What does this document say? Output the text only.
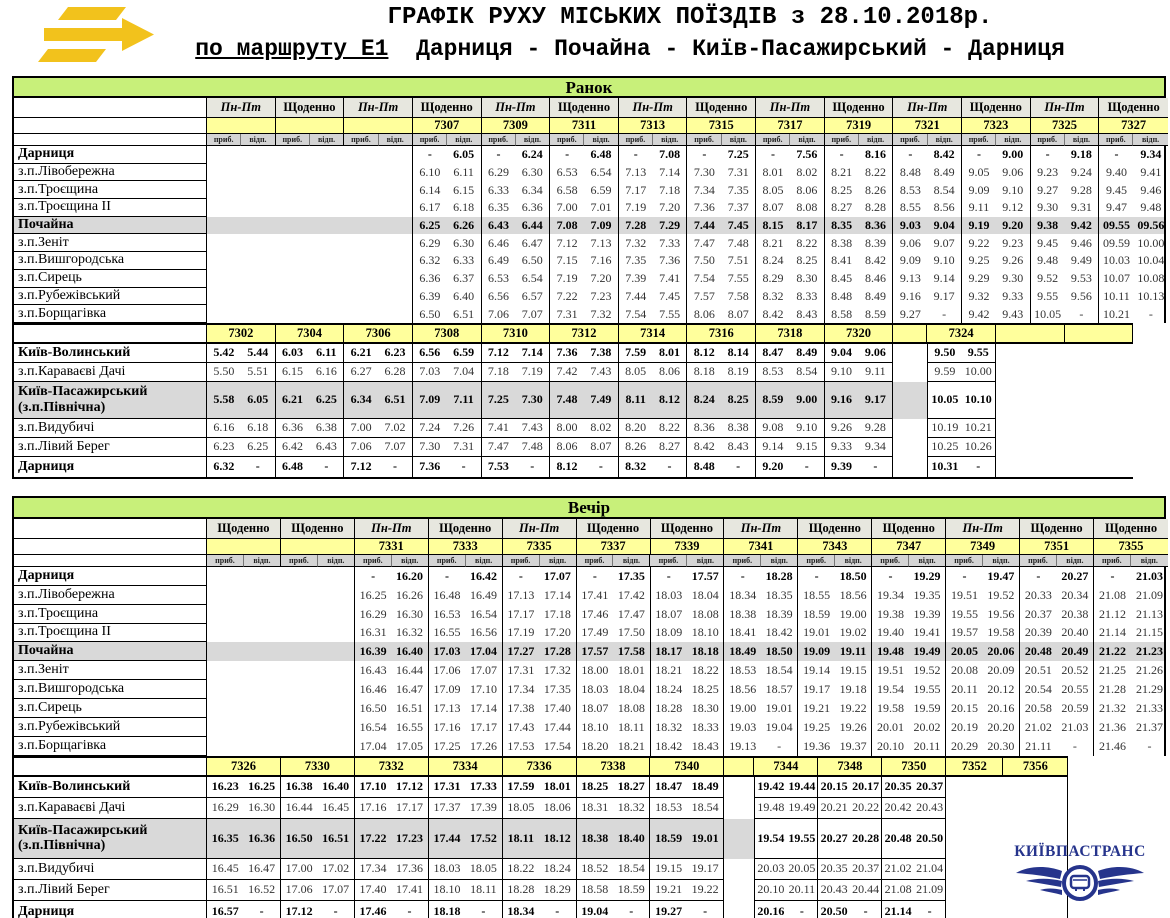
ГРАФІК РУХУ МІСЬКИХ ПОЇЗДІВ з 28.10.2018р.
по маршруту Е1 Дарниця - Почайна - Київ-Пасажирський - Дарниця
Ранок
Пн-Пт	Щоденно	Пн-Пт	Щоденно	Пн-Пт	Щоденно	Пн-Пт	Щоденно	Пн-Пт	Щоденно	Пн-Пт	Щоденно	Пн-Пт	Щоденно
7307	7309	7311	7313	7315	7317	7319	7321	7323	7325	7327
приб.	відп.	приб.	відп.	приб.	відп.	приб.	відп.	приб.	відп.	приб.	відп.	приб.	відп.	приб.	відп.	приб.	відп.	приб.	відп.	приб.	відп.	приб.	відп.	приб.	відп.	приб.	відп.
Дарниця	-	6.05	-	6.24	-	6.48	-	7.08	-	7.25	-	7.56	-	8.16	-	8.42	-	9.00	-	9.18	-	9.34
з.п.Лівобережна	6.10	6.11	6.29	6.30	6.53	6.54	7.13	7.14	7.30	7.31	8.01	8.02	8.21	8.22	8.48	8.49	9.05	9.06	9.23	9.24	9.40	9.41
з.п.Троєщина	6.14	6.15	6.33	6.34	6.58	6.59	7.17	7.18	7.34	7.35	8.05	8.06	8.25	8.26	8.53	8.54	9.09	9.10	9.27	9.28	9.45	9.46
з.п.Троєщина II	6.17	6.18	6.35	6.36	7.00	7.01	7.19	7.20	7.36	7.37	8.07	8.08	8.27	8.28	8.55	8.56	9.11	9.12	9.30	9.31	9.47	9.48
Почайна	6.25	6.26	6.43	6.44	7.08	7.09	7.28	7.29	7.44	7.45	8.15	8.17	8.35	8.36	9.03	9.04	9.19	9.20	9.38	9.42 09.55 09.56
з.п.Зеніт	6.29	6.30	6.46	6.47	7.12	7.13	7.32	7.33	7.47	7.48	8.21	8.22	8.38	8.39	9.06	9.07	9.22	9.23	9.45	9.46 09.59 10.00
з.п.Вишгородська	6.32	6.33	6.49	6.50	7.15	7.16	7.35	7.36	7.50	7.51	8.24	8.25	8.41	8.42	9.09	9.10	9.25	9.26	9.48	9.49 10.03 10.04
з.п.Сирець	6.36	6.37	6.53	6.54	7.19	7.20	7.39	7.41	7.54	7.55	8.29	8.30	8.45	8.46	9.13	9.14	9.29	9.30	9.52	9.53 10.07 10.08
з.п.Рубежівський	6.39	6.40	6.56	6.57	7.22	7.23	7.44	7.45	7.57	7.58	8.32	8.33	8.48	8.49	9.16	9.17	9.32	9.33	9.55	9.56 10.11 10.13
з.п.Борщагівка	6.50	6.51	7.06	7.07	7.31	7.32	7.54	7.55	8.06	8.07	8.42	8.43	8.58	8.59	9.27	-	9.42	9.43 10.05	-	10.21	-
7302	7304	7306	7308	7310	7312	7314	7316	7318	7320	7324
Київ-Волинський	5.42	5.44	6.03	6.11	6.21	6.23	6.56	6.59	7.12	7.14	7.36	7.38	7.59	8.01	8.12	8.14	8.47	8.49	9.04	9.06	9.50	9.55
з.п.Караваєві Дачі	5.50	5.51	6.15	6.16	6.27	6.28	7.03	7.04	7.18	7.19	7.42	7.43	8.05	8.06	8.18	8.19	8.53	8.54	9.10	9.11	9.59 10.00
Київ-Пасажирський
(з.п.Північна)
5.58	6.05	6.21	6.25	6.34	6.51	7.09	7.11	7.25	7.30	7.48	7.49	8.11	8.12	8.24	8.25	8.59	9.00	9.16	9.17	10.05 10.10
з.п.Видубичі	6.16	6.18	6.36	6.38	7.00	7.02	7.24	7.26	7.41	7.43	8.00	8.02	8.20	8.22	8.36	8.38	9.08	9.10	9.26	9.28	10.19 10.21
з.п.Лівий Берег	6.23	6.25	6.42	6.43	7.06	7.07	7.30	7.31	7.47	7.48	8.06	8.07	8.26	8.27	8.42	8.43	9.14	9.15	9.33	9.34	10.25 10.26
Дарниця	6.32	-	6.48	-	7.12	-	7.36	-	7.53	-	8.12	-	8.32	-	8.48	-	9.20	-	9.39	-	10.31	-
Вечір
Щоденно	Щоденно	Пн-Пт	Щоденно	Пн-Пт	Щоденно	Щоденно	Пн-Пт	Щоденно	Щоденно	Пн-Пт	Щоденно	Щоденно
7331	7333	7335	7337	7339	7341	7343	7347	7349	7351	7355
приб.	відп.	приб.	відп.	приб.	відп.	приб.	відп.	приб.	відп.	приб.	відп.	приб.	відп.	приб.	відп.	приб.	відп.	приб.	відп.	приб.	відп.	приб.	відп.	приб.	відп.
Дарниця	-	16.20	-	16.42	-	17.07	-	17.35	-	17.57	-	18.28	-	18.50	-	19.29	-	19.47	-	20.27	-	21.03
з.п.Лівобережна	16.25 16.26 16.48 16.49 17.13 17.14 17.41 17.42 18.03 18.04 18.34 18.35 18.55 18.56 19.34 19.35 19.51 19.52 20.33 20.34 21.08 21.09
з.п.Троєщина	16.29 16.30 16.53 16.54 17.17 17.18 17.46 17.47 18.07 18.08 18.38 18.39 18.59 19.00 19.38 19.39 19.55 19.56 20.37 20.38 21.12 21.13
з.п.Троєщина II	16.31 16.32 16.55 16.56 17.19 17.20 17.49 17.50 18.09 18.10 18.41 18.42 19.01 19.02 19.40 19.41 19.57 19.58 20.39 20.40 21.14 21.15
Почайна	16.39 16.40 17.03 17.04 17.27 17.28 17.57 17.58 18.17 18.18 18.49 18.50 19.09 19.11 19.48 19.49 20.05 20.06 20.48 20.49 21.22 21.23
з.п.Зеніт	16.43 16.44 17.06 17.07 17.31 17.32 18.00 18.01 18.21 18.22 18.53 18.54 19.14 19.15 19.51 19.52 20.08 20.09 20.51 20.52 21.25 21.26
з.п.Вишгородська	16.46 16.47 17.09 17.10 17.34 17.35 18.03 18.04 18.24 18.25 18.56 18.57 19.17 19.18 19.54 19.55 20.11 20.12 20.54 20.55 21.28 21.29
з.п.Сирець	16.50 16.51 17.13 17.14 17.38 17.40 18.07 18.08 18.28 18.30 19.00 19.01 19.21 19.22 19.58 19.59 20.15 20.16 20.58 20.59 21.32 21.33
з.п.Рубежівський	16.54 16.55 17.16 17.17 17.43 17.44 18.10 18.11 18.32 18.33 19.03 19.04 19.25 19.26 20.01 20.02 20.19 20.20 21.02 21.03 21.36 21.37
з.п.Борщагівка	17.04 17.05 17.25 17.26 17.53 17.54 18.20 18.21 18.42 18.43 19.13	-	19.36 19.37 20.10 20.11 20.29 20.30 21.11	-	21.46	-
7326	7330	7332	7334	7336	7338	7340	7344	7348	7350	7352	7356
Київ-Волинський	16.23 16.25 16.38 16.40 17.10 17.12 17.31 17.33 17.59 18.01 18.25 18.27 18.47 18.49	19.42 19.44 20.15 20.17 20.35 20.37
з.п.Караваєві Дачі	16.29 16.30 16.44 16.45 17.16 17.17 17.37 17.39 18.05 18.06 18.31 18.32 18.53 18.54	19.48 19.49 20.21 20.22 20.42 20.43
Київ-Пасажирський
(з.п.Північна)
16.35 16.36 16.50 16.51 17.22 17.23 17.44 17.52 18.11 18.12 18.38 18.40 18.59 19.01	19.54 19.55 20.27 20.28 20.48 20.50
з.п.Видубичі	16.45 16.47 17.00 17.02 17.34 17.36 18.03 18.05 18.22 18.24 18.52 18.54 19.15 19.17	20.03 20.05 20.35 20.37 21.02 21.04
з.п.Лівий Берег	16.51 16.52 17.06 17.07 17.40 17.41 18.10 18.11 18.28 18.29 18.58 18.59 19.21 19.22	20.10 20.11 20.43 20.44 21.08 21.09
Дарниця	16.57	-	17.12	-	17.46	-	18.18	-	18.34	-	19.04	-	19.27	-	20.16	-	20.50	-	21.14	-
КИЇВПАСТРАНС
